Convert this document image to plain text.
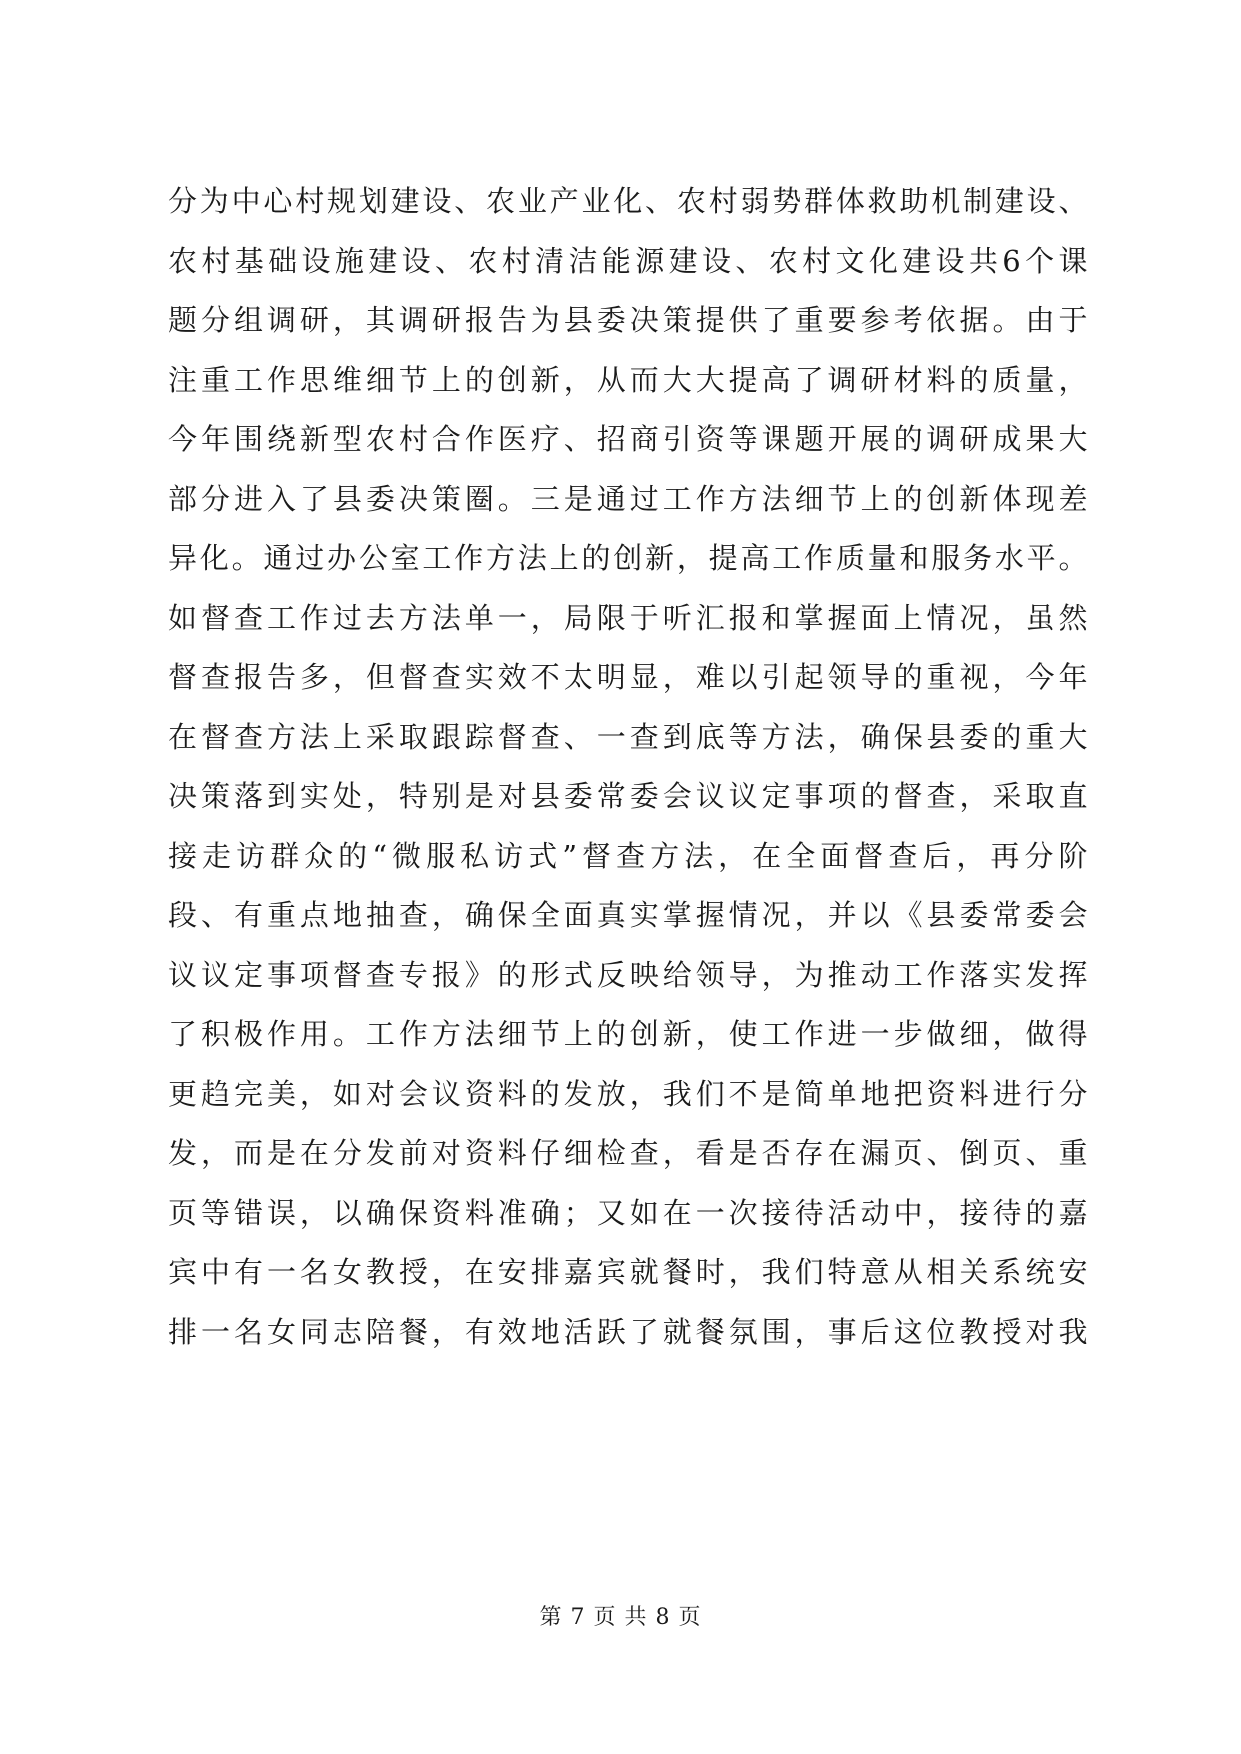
分为中心村规划建设、农业产业化、农村弱势群体救助机制建设、
农村基础设施建设、农村清洁能源建设、农村文化建设共6个课
题分组调研，其调研报告为县委决策提供了重要参考依据。由于
注重工作思维细节上的创新，从而大大提高了调研材料的质量，
今年围绕新型农村合作医疗、招商引资等课题开展的调研成果大
部分进入了县委决策圈。三是通过工作方法细节上的创新体现差
异化。通过办公室工作方法上的创新，提高工作质量和服务水平。
如督查工作过去方法单一，局限于听汇报和掌握面上情况，虽然
督查报告多，但督查实效不太明显，难以引起领导的重视，今年
在督查方法上采取跟踪督查、一查到底等方法，确保县委的重大
决策落到实处，特别是对县委常委会议议定事项的督查，采取直
接走访群众的“微服私访式”督查方法，在全面督查后，再分阶
段、有重点地抽查，确保全面真实掌握情况，并以《县委常委会
议议定事项督查专报》的形式反映给领导，为推动工作落实发挥
了积极作用。工作方法细节上的创新，使工作进一步做细，做得
更趋完美，如对会议资料的发放，我们不是简单地把资料进行分
发，而是在分发前对资料仔细检查，看是否存在漏页、倒页、重
页等错误，以确保资料准确；又如在一次接待活动中，接待的嘉
宾中有一名女教授，在安排嘉宾就餐时，我们特意从相关系统安
排一名女同志陪餐，有效地活跃了就餐氛围，事后这位教授对我
第 7 页 共 8 页
